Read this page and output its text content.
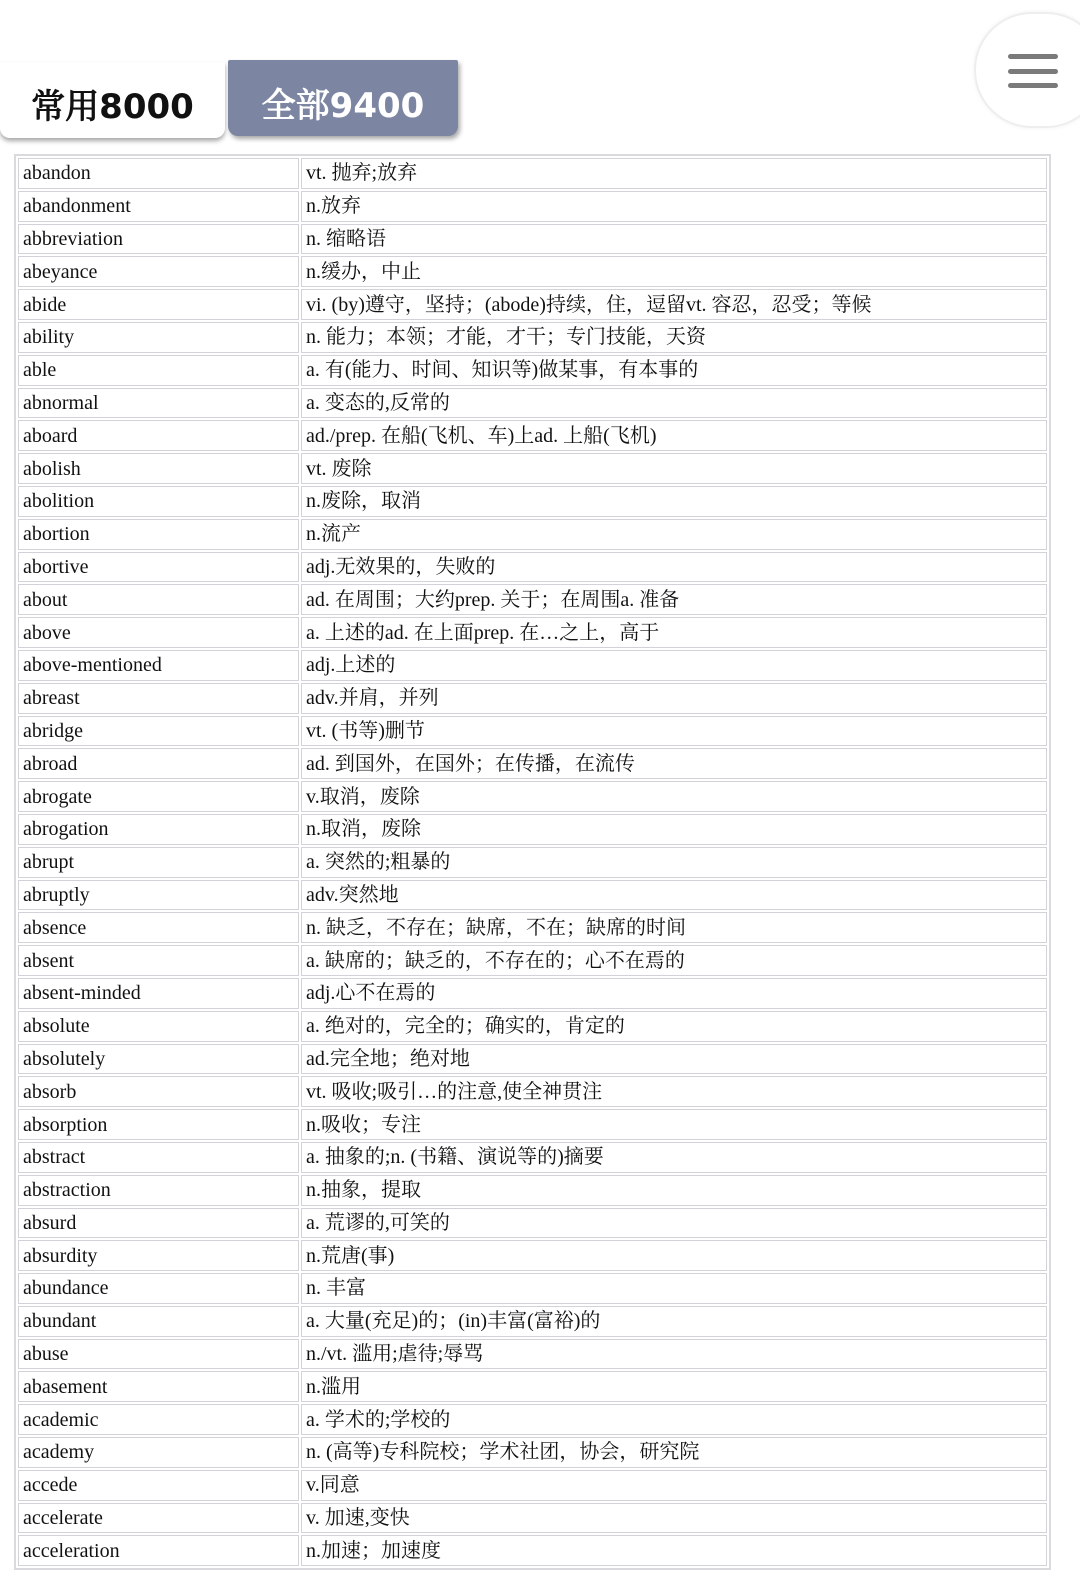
常用8000	全部9400
abandon	vt. 抛弃;放弃
abandonment	n.放弃
abbreviation	n. 缩略语
abeyance	n.缓办，中止
abide	vi. (by)遵守，坚持；(abode)持续，住，逗留vt. 容忍，忍受；等候
ability	n. 能力；本领；才能，才干；专门技能，天资
able	a. 有(能力、时间、知识等)做某事，有本事的
abnormal	a. 变态的,反常的
aboard	ad./prep. 在船(飞机、车)上ad. 上船(飞机)
abolish	vt. 废除
abolition	n.废除，取消
abortion	n.流产
abortive	adj.无效果的，失败的
about	ad. 在周围；大约prep. 关于；在周围a. 准备
above	a. 上述的ad. 在上面prep. 在…之上，高于
above-mentioned	adj.上述的
abreast	adv.并肩，并列
abridge	vt. (书等)删节
abroad	ad. 到国外，在国外；在传播，在流传
abrogate	v.取消，废除
abrogation	n.取消，废除
abrupt	a. 突然的;粗暴的
abruptly	adv.突然地
absence	n. 缺乏，不存在；缺席，不在；缺席的时间
absent	a. 缺席的；缺乏的，不存在的；心不在焉的
absent-minded	adj.心不在焉的
absolute	a. 绝对的，完全的；确实的，肯定的
absolutely	ad.完全地；绝对地
absorb	vt. 吸收;吸引…的注意,使全神贯注
absorption	n.吸收；专注
abstract	a. 抽象的;n. (书籍、演说等的)摘要
abstraction	n.抽象，提取
absurd	a. 荒谬的,可笑的
absurdity	n.荒唐(事)
abundance	n. 丰富
abundant	a. 大量(充足)的；(in)丰富(富裕)的
abuse	n./vt. 滥用;虐待;辱骂
abasement	n.滥用
academic	a. 学术的;学校的
academy	n. (高等)专科院校；学术社团，协会，研究院
accede	v.同意
accelerate	v. 加速,变快
acceleration	n.加速；加速度
